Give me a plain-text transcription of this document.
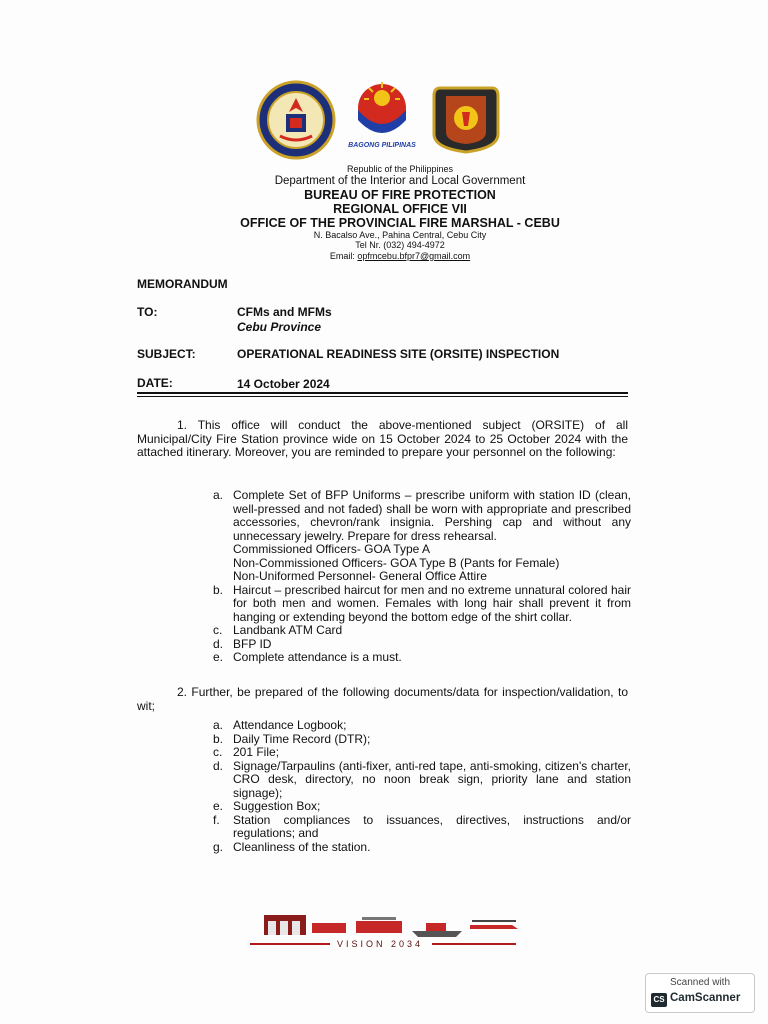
BAGONG PILIPINAS
Republic of the Philippines
Department of the Interior and Local Government
BUREAU OF FIRE PROTECTION
REGIONAL OFFICE VII
OFFICE OF THE PROVINCIAL FIRE MARSHAL - CEBU
N. Bacalso Ave., Pahina Central, Cebu City
Tel Nr. (032) 494-4972
Email: opfmcebu.bfpr7@gmail.com
MEMORANDUM
TO:	CFMs and MFMs
Cebu Province
SUBJECT:	OPERATIONAL READINESS SITE (ORSITE) INSPECTION
DATE:	14 October 2024
1. This office will conduct the above-mentioned subject (ORSITE) of all Municipal/City Fire Station province wide on 15 October 2024 to 25 October 2024 with the attached itinerary. Moreover, you are reminded to prepare your personnel on the following:
a. Complete Set of BFP Uniforms – prescribe uniform with station ID (clean, well-pressed and not faded) shall be worn with appropriate and prescribed accessories, chevron/rank insignia. Pershing cap and without any unnecessary jewelry. Prepare for dress rehearsal.
Commissioned Officers- GOA Type A
Non-Commissioned Officers- GOA Type B (Pants for Female)
Non-Uniformed Personnel- General Office Attire
b. Haircut – prescribed haircut for men and no extreme unnatural colored hair for both men and women. Females with long hair shall prevent it from hanging or extending beyond the bottom edge of the shirt collar.
c. Landbank ATM Card
d. BFP ID
e. Complete attendance is a must.
2. Further, be prepared of the following documents/data for inspection/validation, to wit;
a. Attendance Logbook;
b. Daily Time Record (DTR);
c. 201 File;
d. Signage/Tarpaulins (anti-fixer, anti-red tape, anti-smoking, citizen's charter, CRO desk, directory, no noon break sign, priority lane and station signage);
e. Suggestion Box;
f. Station compliances to issuances, directives, instructions and/or regulations; and
g. Cleanliness of the station.
VISION 2034
Scanned with
CS CamScanner
